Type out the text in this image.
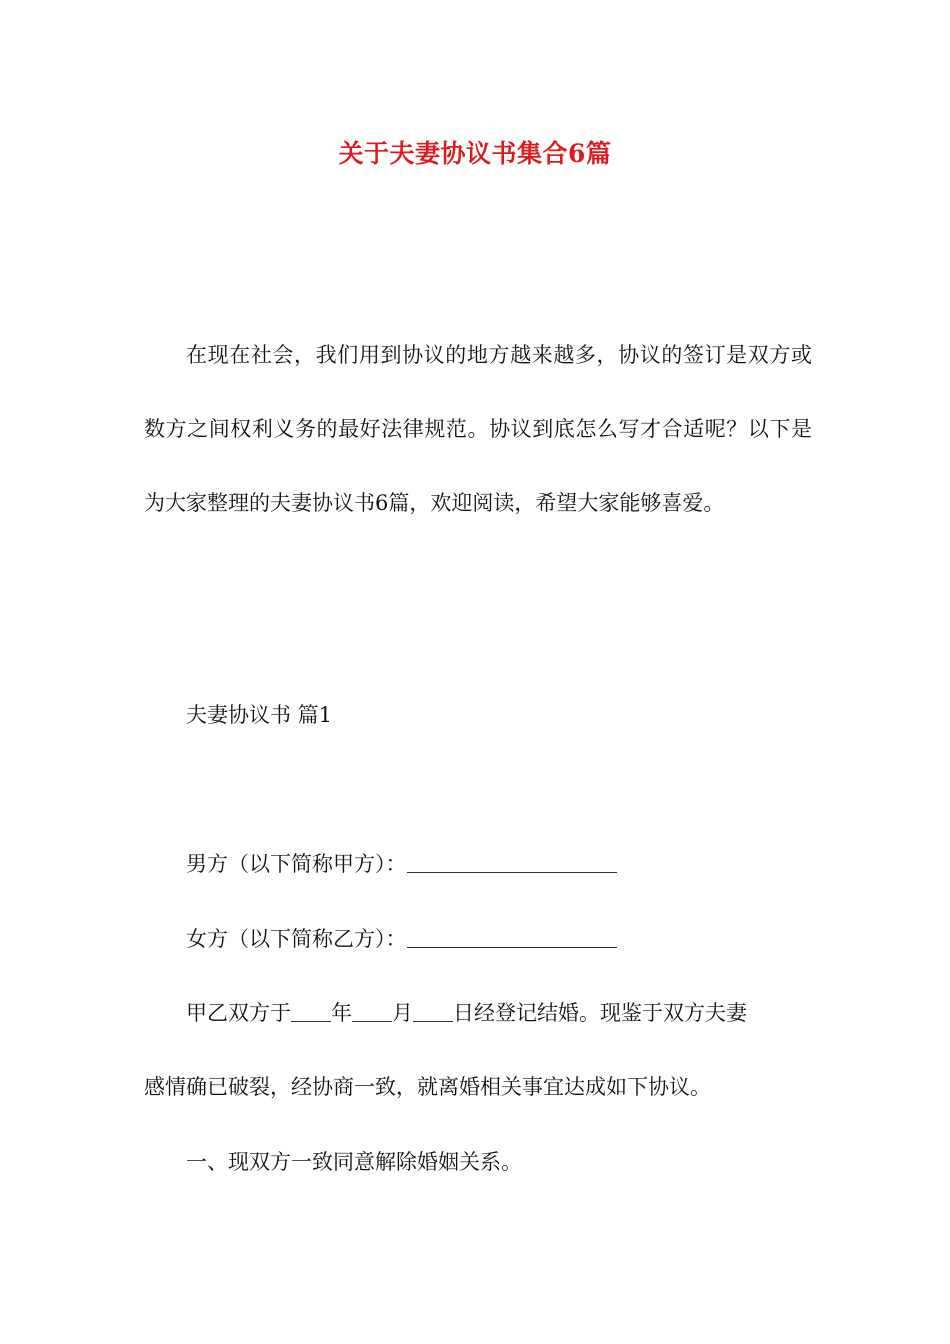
关于夫妻协议书集合6篇

在现在社会，我们用到协议的地方越来越多，协议的签订是双方或数方之间权利义务的最好法律规范。协议到底怎么写才合适呢？以下是为大家整理的夫妻协议书6篇，欢迎阅读，希望大家能够喜爱。

夫妻协议书 篇1

男方（以下简称甲方）：

女方（以下简称乙方）：

甲乙双方于 年 月 日经登记结婚。现鉴于双方夫妻

感情确已破裂，经协商一致，就离婚相关事宜达成如下协议。

一、现双方一致同意解除婚姻关系。
